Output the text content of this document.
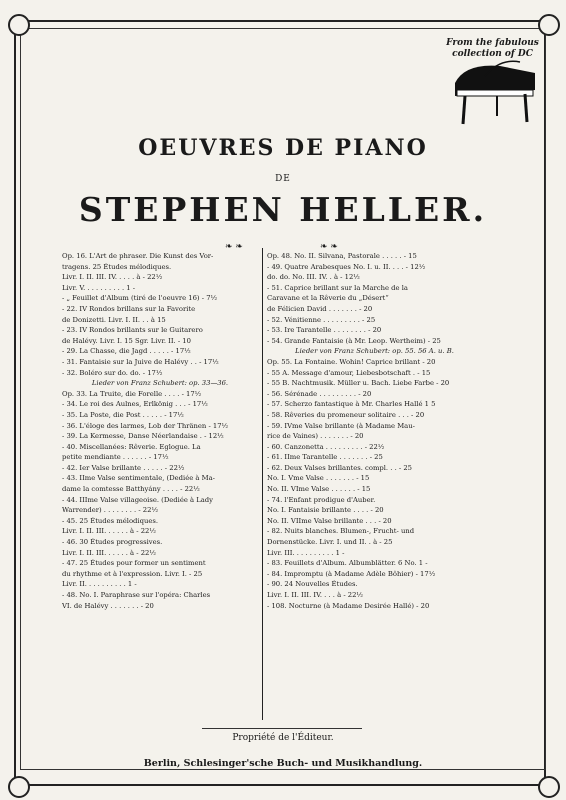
From the fabulous collection of DC
OEUVRES DE PIANO
DE
STEPHEN HELLER.
❧ ❧	❧ ❧
Op. 16. L'Art de phraser. Die Kunst des Vor-
tragens. 25 Études mélodiques.
Livr. I. II. III. IV. . . . . à - 22½
Livr. V. . . . . . . . . . 1 -
- „ Feuillet d'Album (tiré de l'oeuvre 16) - 7½
- 22. IV Rondos brillans sur la Favorite
de Donizetti. Livr. I. II. . . à 15
- 23. IV Rondos brillants sur le Guitarero
de Halévy. Livr. I. 15 Sgr. Livr. II. - 10
- 29. La Chasse, die Jagd . . . . . - 17½
- 31. Fantaisie sur la Juive de Halévy . . - 17½
- 32. Boléro sur do. do. - 17½
Lieder von Franz Schubert: op. 33—36.
Op. 33. La Truite, die Forelle . . . . - 17½
- 34. Le roi des Aulnes, Erlkönig . . . - 17½
- 35. La Poste, die Post . . . . . - 17½
- 36. L'éloge des larmes, Lob der Thränen - 17½
- 39. La Kermesse, Danse Néerlandaise . - 12½
- 40. Miscellanées: Rêverie. Eglogue. La
petite mendiante . . . . . . - 17½
- 42. Ier Valse brillante . . . . . - 22½
- 43. IIme Valse sentimentale, (Dediée à Ma-
dame la comtesse Batthyány . . . . - 22½
- 44. IIIme Valse villageoise. (Dediée à Lady
Warrender) . . . . . . . . - 22½
- 45. 25 Études mélodiques.
Livr. I. II. III. . . . . . à - 22½
- 46. 30 Études progressives.
Livr. I. II. III. . . . . . à - 22½
- 47. 25 Études pour former un sentiment
du rhythme et à l'expression. Livr. I. - 25
Livr. II. . . . . . . . . . 1 -
- 48. No. I. Paraphrase sur l'opéra: Charles
VI. de Halévy . . . . . . . - 20
Op. 48. No. II. Silvana, Pastorale . . . . . - 15
- 49. Quatre Arabesques No. I. u. II. . . . - 12½
do. do. No. III. IV. . à - 12½
- 51. Caprice brillant sur la Marche de la
Caravane et la Rêverie du „Désert“
de Félicien David . . . . . . . - 20
- 52. Vénitienne . . . . . . . . . - 25
- 53. Ire Tarantelle . . . . . . . . - 20
- 54. Grande Fantaisie (à Mr. Leop. Wertheim) - 25
Lieder von Franz Schubert: op. 55. 56 A. u. B.
Op. 55. La Fontaine. Wohin! Caprice brillant - 20
- 55 A. Message d'amour, Liebesbotschaft . - 15
- 55 B. Nachtmusik. Müller u. Bach. Liebe Farbe - 20
- 56. Sérénade . . . . . . . . . - 20
- 57. Scherzo fantastique à Mr. Charles Hallé 1 5
- 58. Rêveries du promeneur solitaire . . . - 20
- 59. IVme Valse brillante (à Madame Mau-
rice de Vaines) . . . . . . . - 20
- 60. Canzonetta . . . . . . . . . - 22½
- 61. IIme Tarantelle . . . . . . . - 25
- 62. Deux Valses brillantes. compl. . . - 25
No. I. Vme Valse . . . . . . . - 15
No. II. VIme Valse . . . . . . - 15
- 74. l'Enfant prodigue d'Auber.
No. I. Fantaisie brillante . . . . - 20
No. II. VIIme Valse brillante . . . - 20
- 82. Nuits blanches. Blumen-, Frucht- und
Dornenstücke. Livr. I. und II. . à - 25
Livr. III. . . . . . . . . . 1 -
- 83. Feuillets d'Album. Albumblätter. 6 No. 1 -
- 84. Impromptu (à Madame Adèle Bôhier) - 17½
- 90. 24 Nouvelles Études.
Livr. I. II. III. IV. . . . à - 22½
- 108. Nocturne (à Madame Desirée Hallé) - 20
Propriété de l'Éditeur.
Berlin, Schlesinger'sche Buch- und Musikhandlung.
